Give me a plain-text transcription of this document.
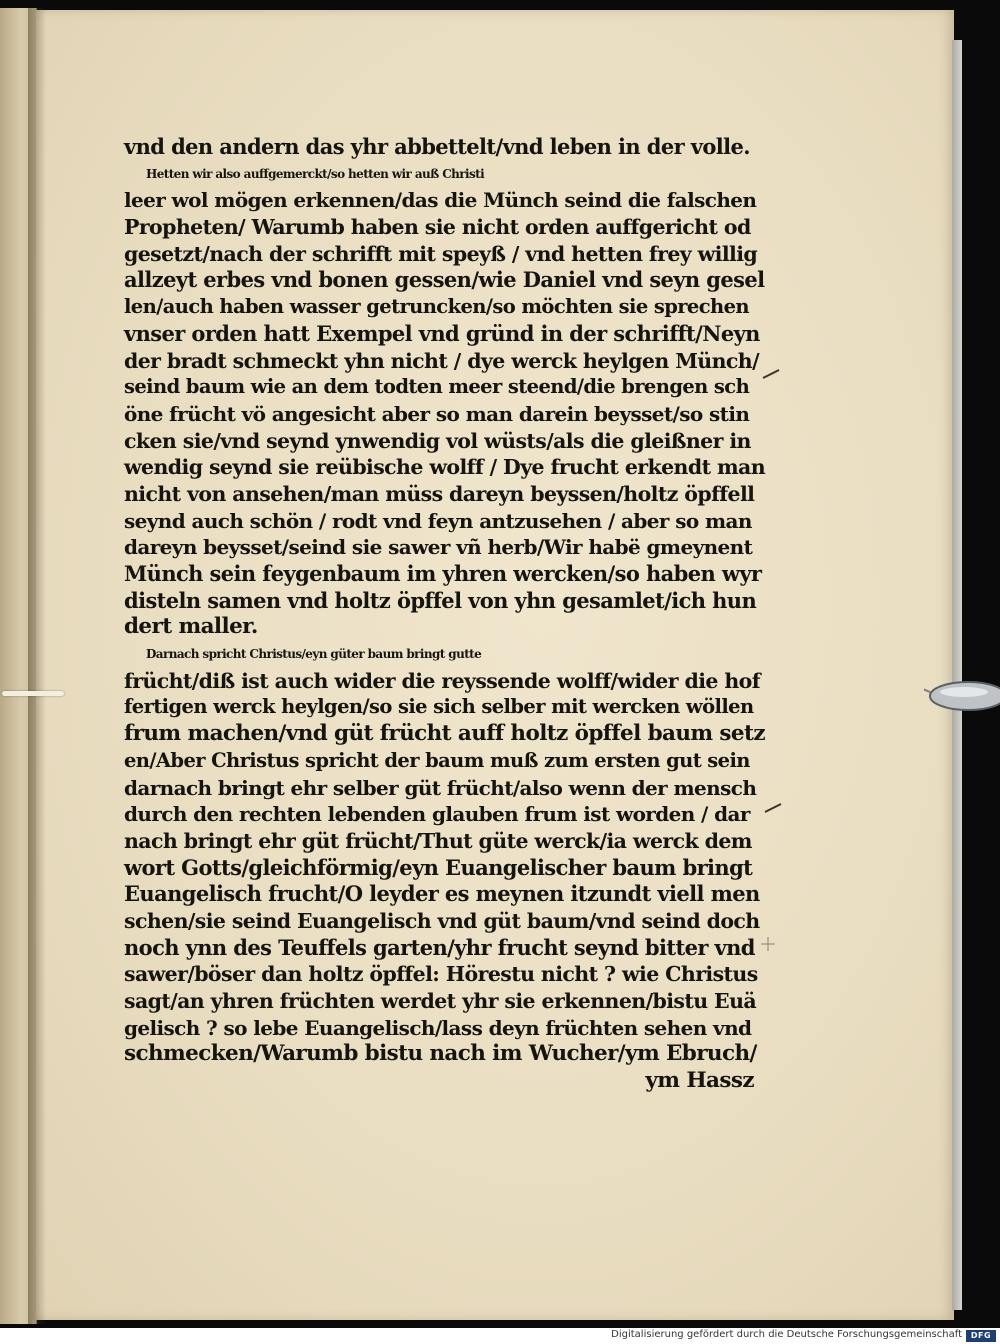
vnd den andern das yhr abbettelt/vnd leben in der volle.
Hetten wir also auffgemerckt/so hetten wir auß Christi
leer wol mögen erkennen/das die Münch seind die falschen
Propheten/ Warumb haben sie nicht orden auffgericht od
gesetzt/nach der schrifft mit speyß / vnd hetten frey willig
allzeyt erbes vnd bonen gessen/wie Daniel vnd seyn gesel
len/auch haben wasser getruncken/so möchten sie sprechen
vnser orden hatt Exempel vnd gründ in der schrifft/Neyn
der bradt schmeckt yhn nicht / dye werck heylgen Münch/
seind baum wie an dem todten meer steend/die brengen sch
öne frücht vö angesicht aber so man darein beysset/so stin
cken sie/vnd seynd ynwendig vol wüsts/als die gleißner in
wendig seynd sie reübische wolff / Dye frucht erkendt man
nicht von ansehen/man müss dareyn beyssen/holtz öpffell
seynd auch schön / rodt vnd feyn antzusehen / aber so man
dareyn beysset/seind sie sawer vñ herb/Wir habë gmeynent
Münch sein feygenbaum im yhren wercken/so haben wyr
disteln samen vnd holtz öpffel von yhn gesamlet/ich hun
dert maller.
Darnach spricht Christus/eyn güter baum bringt gutte
frücht/diß ist auch wider die reyssende wolff/wider die hof
fertigen werck heylgen/so sie sich selber mit wercken wöllen
frum machen/vnd güt frücht auff holtz öpffel baum setz
en/Aber Christus spricht der baum muß zum ersten gut sein
darnach bringt ehr selber güt frücht/also wenn der mensch
durch den rechten lebenden glauben frum ist worden / dar
nach bringt ehr güt frücht/Thut güte werck/ia werck dem
wort Gotts/gleichförmig/eyn Euangelischer baum bringt
Euangelisch frucht/O leyder es meynen itzundt viell men
schen/sie seind Euangelisch vnd güt baum/vnd seind doch
noch ynn des Teuffels garten/yhr frucht seynd bitter vnd
sawer/böser dan holtz öpffel: Hörestu nicht ? wie Christus
sagt/an yhren früchten werdet yhr sie erkennen/bistu Euä
gelisch ? so lebe Euangelisch/lass deyn früchten sehen vnd
schmecken/Warumb bistu nach im Wucher/ym Ebruch/
ym Hassz
Digitalisierung gefördert durch die Deutsche Forschungsgemeinschaft	DFG
